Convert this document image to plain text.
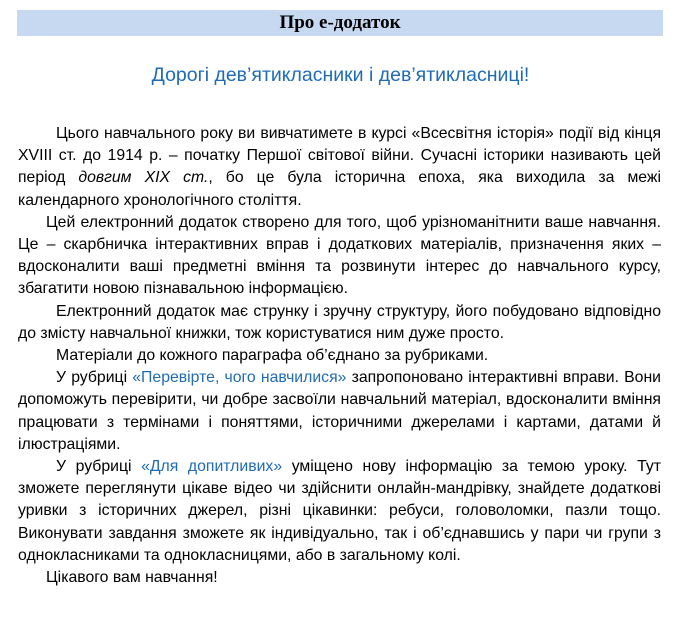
Про е-додаток
Дорогі дев’ятикласники і дев’ятикласниці!

Цього навчального року ви вивчатимете в курсі «Всесвітня історія» події від кінця XVIII ст. до 1914 р. – початку Першої світової війни. Сучасні історики називають цей період довгим XIX ст., бо це була історична епоха, яка виходила за межі календарного хронологічного століття.

Цей електронний додаток створено для того, щоб урізноманітнити ваше навчання. Це – скарбничка інтерактивних вправ і додаткових матеріалів, призначення яких – вдосконалити ваші предметні вміння та розвинути інтерес до навчального курсу, збагатити новою пізнавальною інформацією.

Електронний додаток має струнку і зручну структуру, його побудовано відповідно до змісту навчальної книжки, тож користуватися ним дуже просто.

Матеріали до кожного параграфа об’єднано за рубриками.

У рубриці «Перевірте, чого навчилися» запропоновано інтерактивні вправи. Вони допоможуть перевірити, чи добре засвоїли навчальний матеріал, вдосконалити вміння працювати з термінами і поняттями, історичними джерелами і картами, датами й ілюстраціями.

У рубриці «Для допитливих» уміщено нову інформацію за темою уроку. Тут зможете переглянути цікаве відео чи здійснити онлайн-мандрівку, знайдете додаткові уривки з історичних джерел, різні цікавинки: ребуси, головоломки, пазли тощо. Виконувати завдання зможете як індивідуально, так і об’єднавшись у пари чи групи з однокласниками та однокласницями, або в загальному колі.

Цікавого вам навчання!
